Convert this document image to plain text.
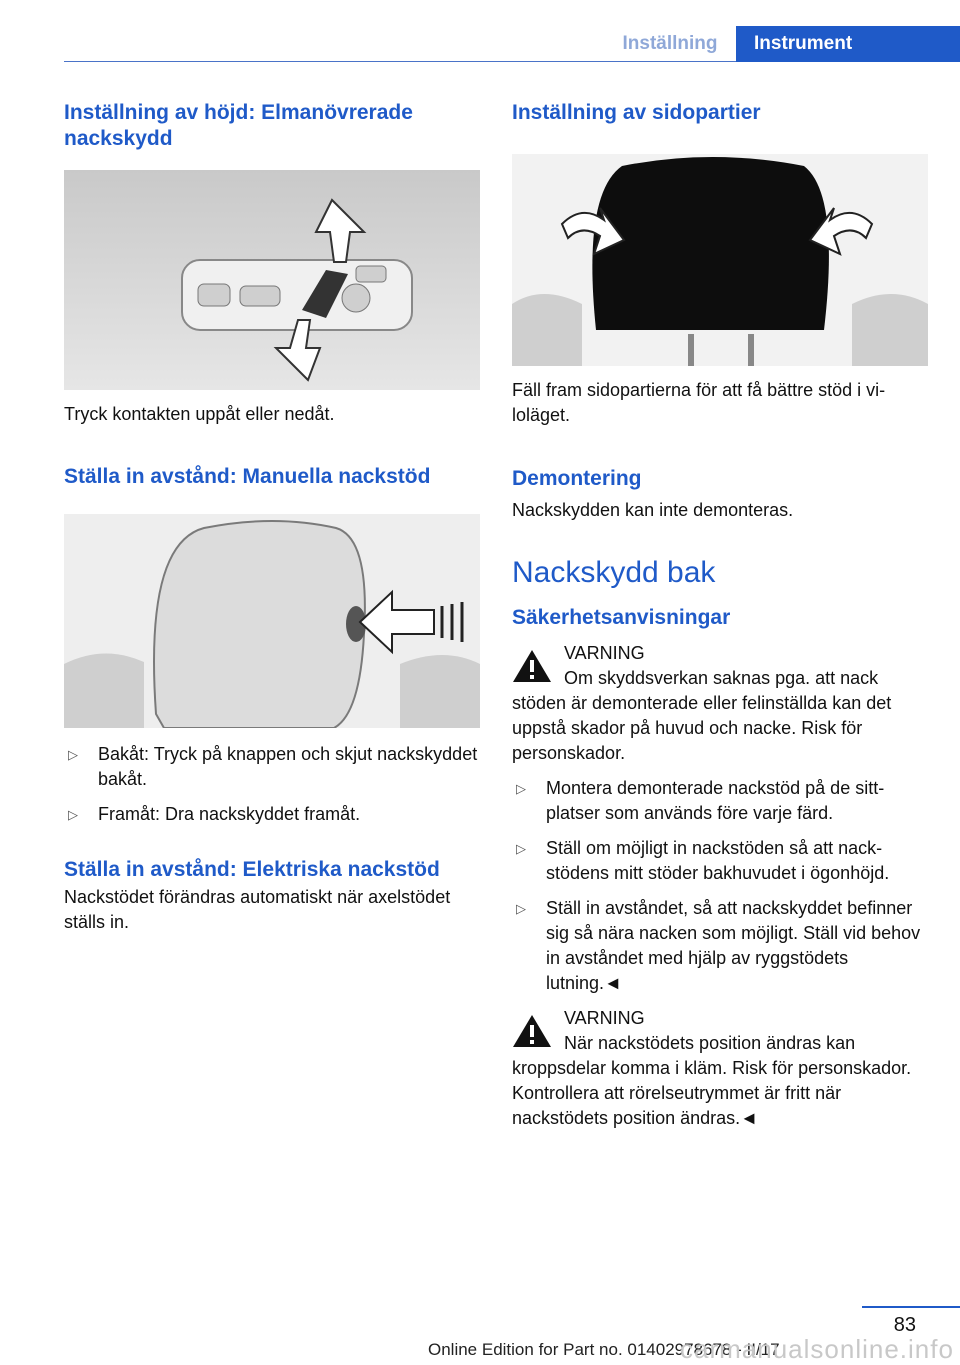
Inställning	Instrument
Inställning av höjd: Elmanövrerade nackskydd

Tryck kontakten uppåt eller nedåt.

Ställa in avstånd: Manuella nackstöd
▷ Bakåt: Tryck på knappen och skjut nackskyddet bakåt.
▷ Framåt: Dra nackskyddet framåt.
Ställa in avstånd: Elektriska nackstöd

Nackstödet förändras automatiskt när axelstödet ställs in.

Inställning av sidopartier

Fäll fram sidopartierna för att få bättre stöd i viloläget.

Demontering

Nackskydden kan inte demonteras.

Nackskydd bak
Säkerhetsanvisningar
VARNING
Om skyddsverkan saknas pga. att nack
stöden är demonterade eller felinställda kan det uppstå skador på huvud och nacke. Risk för personskador.
▷ Montera demonterade nackstöd på de sittplatser som används före varje färd.
▷ Ställ om möjligt in nackstöden så att nackstödens mitt stöder bakhuvudet i ögonhöjd.
▷ Ställ in avståndet, så att nackskyddet befinner sig så nära nacken som möjligt. Ställ vid behov in avståndet med hjälp av ryggstödets lutning.◄
VARNING
När nackstödets position ändras kan
kroppsdelar komma i kläm. Risk för personskador. Kontrollera att rörelseutrymmet är fritt när nackstödets position ändras.◄
83
Online Edition for Part no. 01402978678 - II/17
carmanualsonline.info
